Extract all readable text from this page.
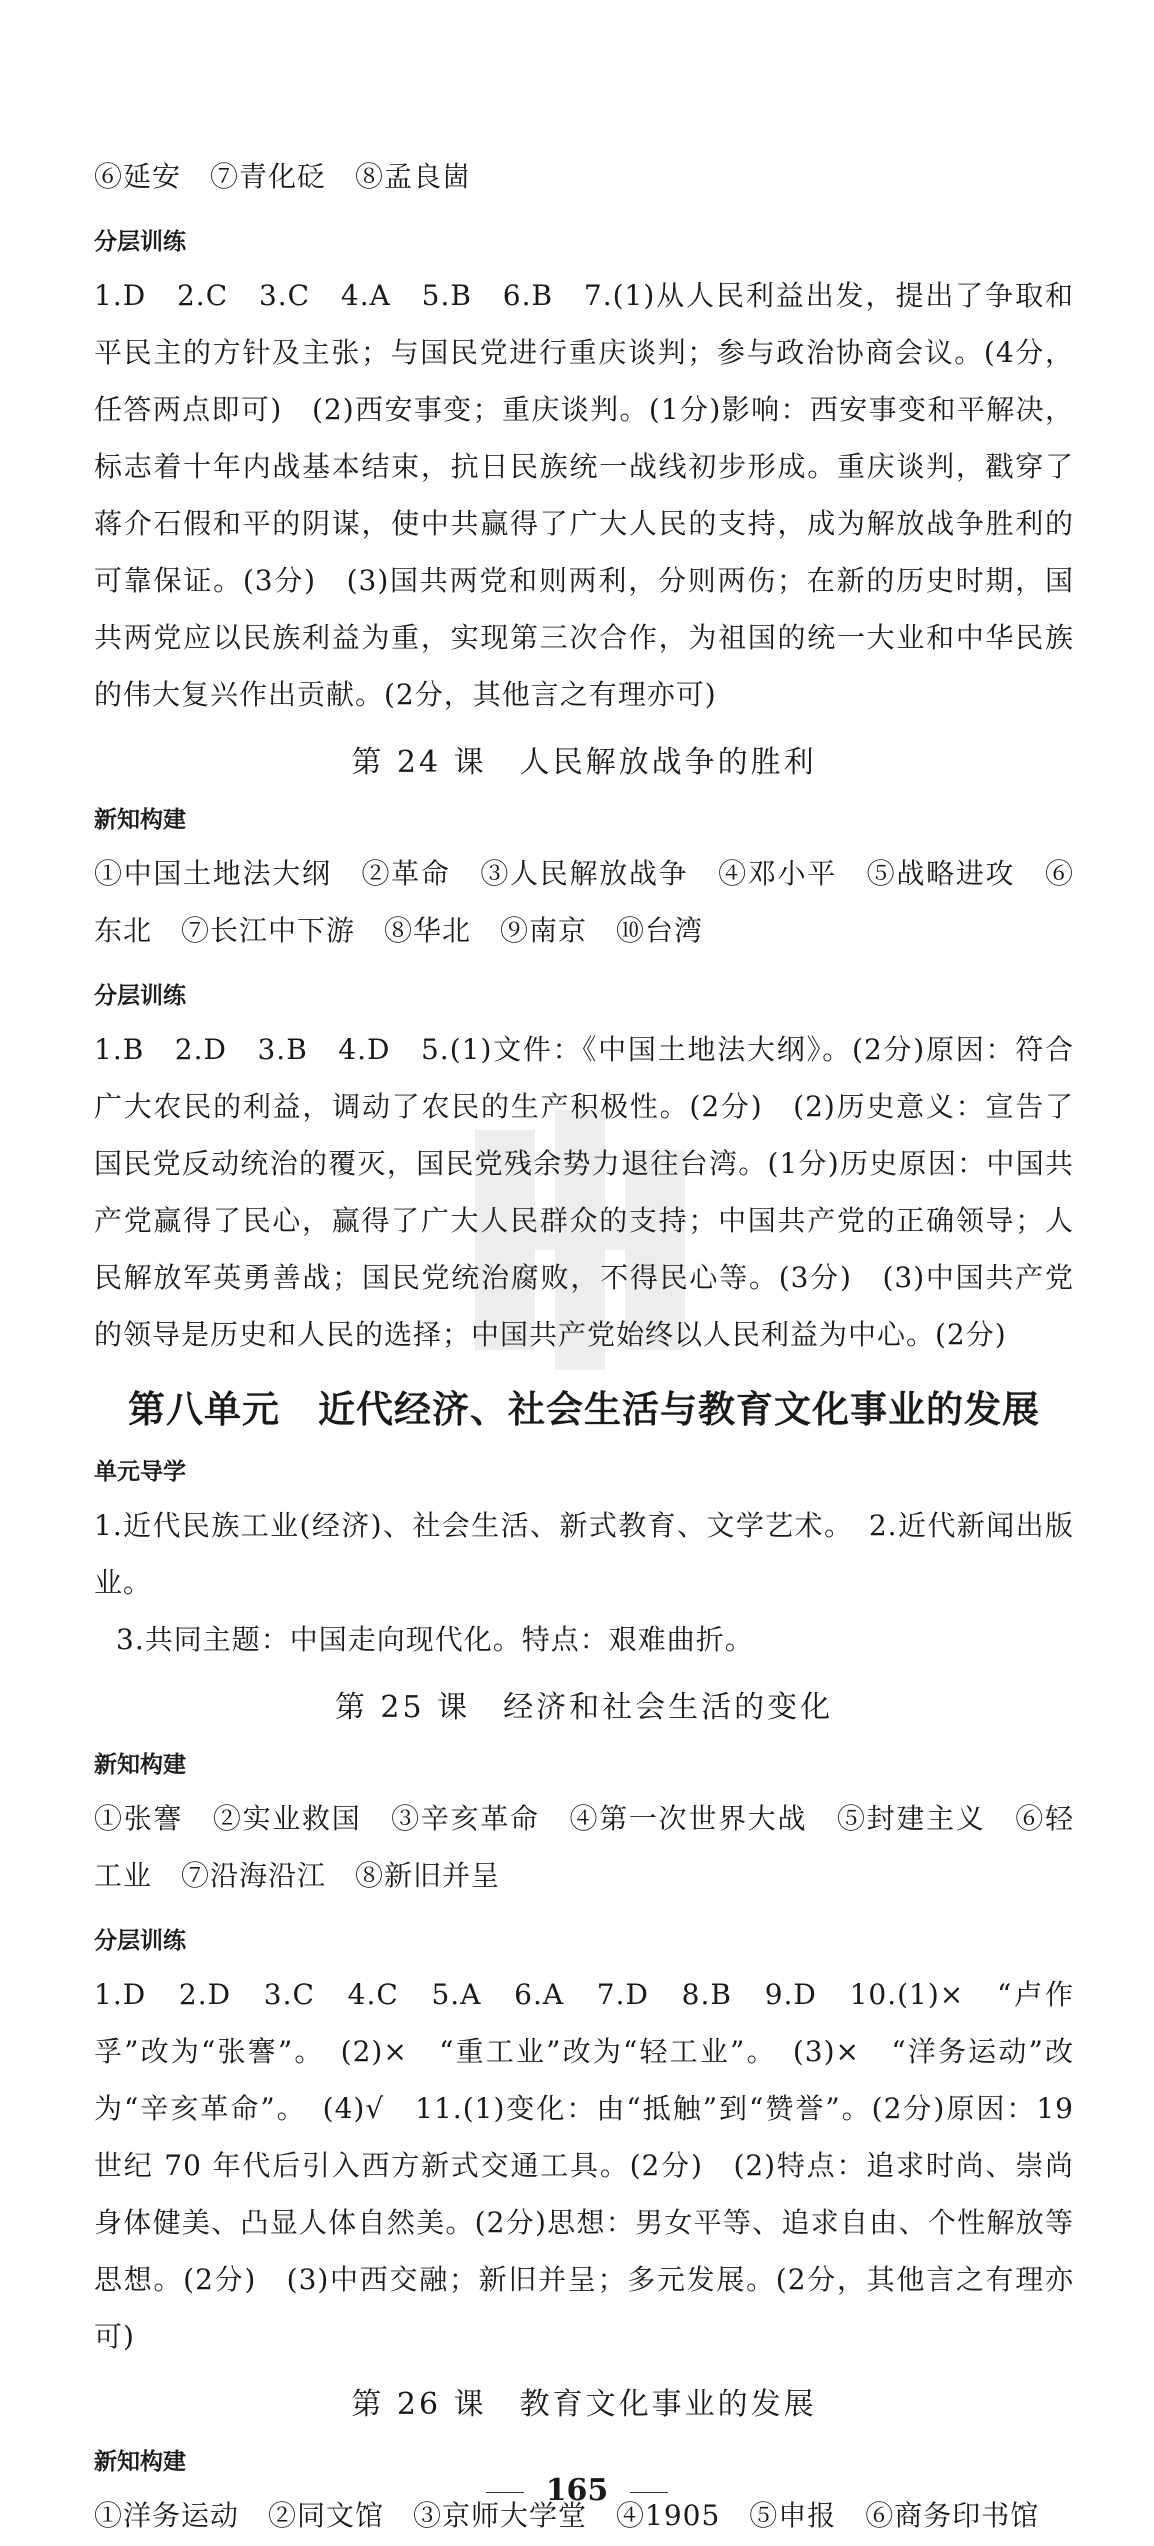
⑥延安　⑦青化砭　⑧孟良崮

分层训练

1.D　2.C　3.C　4.A　5.B　6.B　7.(1)从人民利益出发，提出了争取和平民主的方针及主张；与国民党进行重庆谈判；参与政治协商会议。(4分，任答两点即可)　(2)西安事变；重庆谈判。(1分)影响：西安事变和平解决，标志着十年内战基本结束，抗日民族统一战线初步形成。重庆谈判，戳穿了蒋介石假和平的阴谋，使中共赢得了广大人民的支持，成为解放战争胜利的可靠保证。(3分)　(3)国共两党和则两利，分则两伤；在新的历史时期，国共两党应以民族利益为重，实现第三次合作，为祖国的统一大业和中华民族的伟大复兴作出贡献。(2分，其他言之有理亦可)

第 24 课　人民解放战争的胜利
新知构建

①中国土地法大纲　②革命　③人民解放战争　④邓小平　⑤战略进攻　⑥东北　⑦长江中下游　⑧华北　⑨南京　⑩台湾

分层训练

1.B　2.D　3.B　4.D　5.(1)文件：《中国土地法大纲》。(2分)原因：符合广大农民的利益，调动了农民的生产积极性。(2分)　(2)历史意义：宣告了国民党反动统治的覆灭，国民党残余势力退往台湾。(1分)历史原因：中国共产党赢得了民心，赢得了广大人民群众的支持；中国共产党的正确领导；人民解放军英勇善战；国民党统治腐败，不得民心等。(3分)　(3)中国共产党的领导是历史和人民的选择；中国共产党始终以人民利益为中心。(2分)

第八单元　近代经济、社会生活与教育文化事业的发展
单元导学

1.近代民族工业(经济)、社会生活、新式教育、文学艺术。　2.近代新闻出版业。

3.共同主题：中国走向现代化。特点：艰难曲折。

第 25 课　经济和社会生活的变化
新知构建

①张謇　②实业救国　③辛亥革命　④第一次世界大战　⑤封建主义　⑥轻工业　⑦沿海沿江　⑧新旧并呈

分层训练

1.D　2.D　3.C　4.C　5.A　6.A　7.D　8.B　9.D　10.(1)×　“卢作孚”改为“张謇”。　(2)×　“重工业”改为“轻工业”。　(3)×　“洋务运动”改为“辛亥革命”。　(4)√　11.(1)变化：由“抵触”到“赞誉”。(2分)原因：19 世纪 70 年代后引入西方新式交通工具。(2分)　(2)特点：追求时尚、崇尚身体健美、凸显人体自然美。(2分)思想：男女平等、追求自由、个性解放等思想。(2分)　(3)中西交融；新旧并呈；多元发展。(2分，其他言之有理亦可)

第 26 课　教育文化事业的发展
新知构建

①洋务运动　②同文馆　③京师大学堂　④1905　⑤申报　⑥商务印书馆

165
